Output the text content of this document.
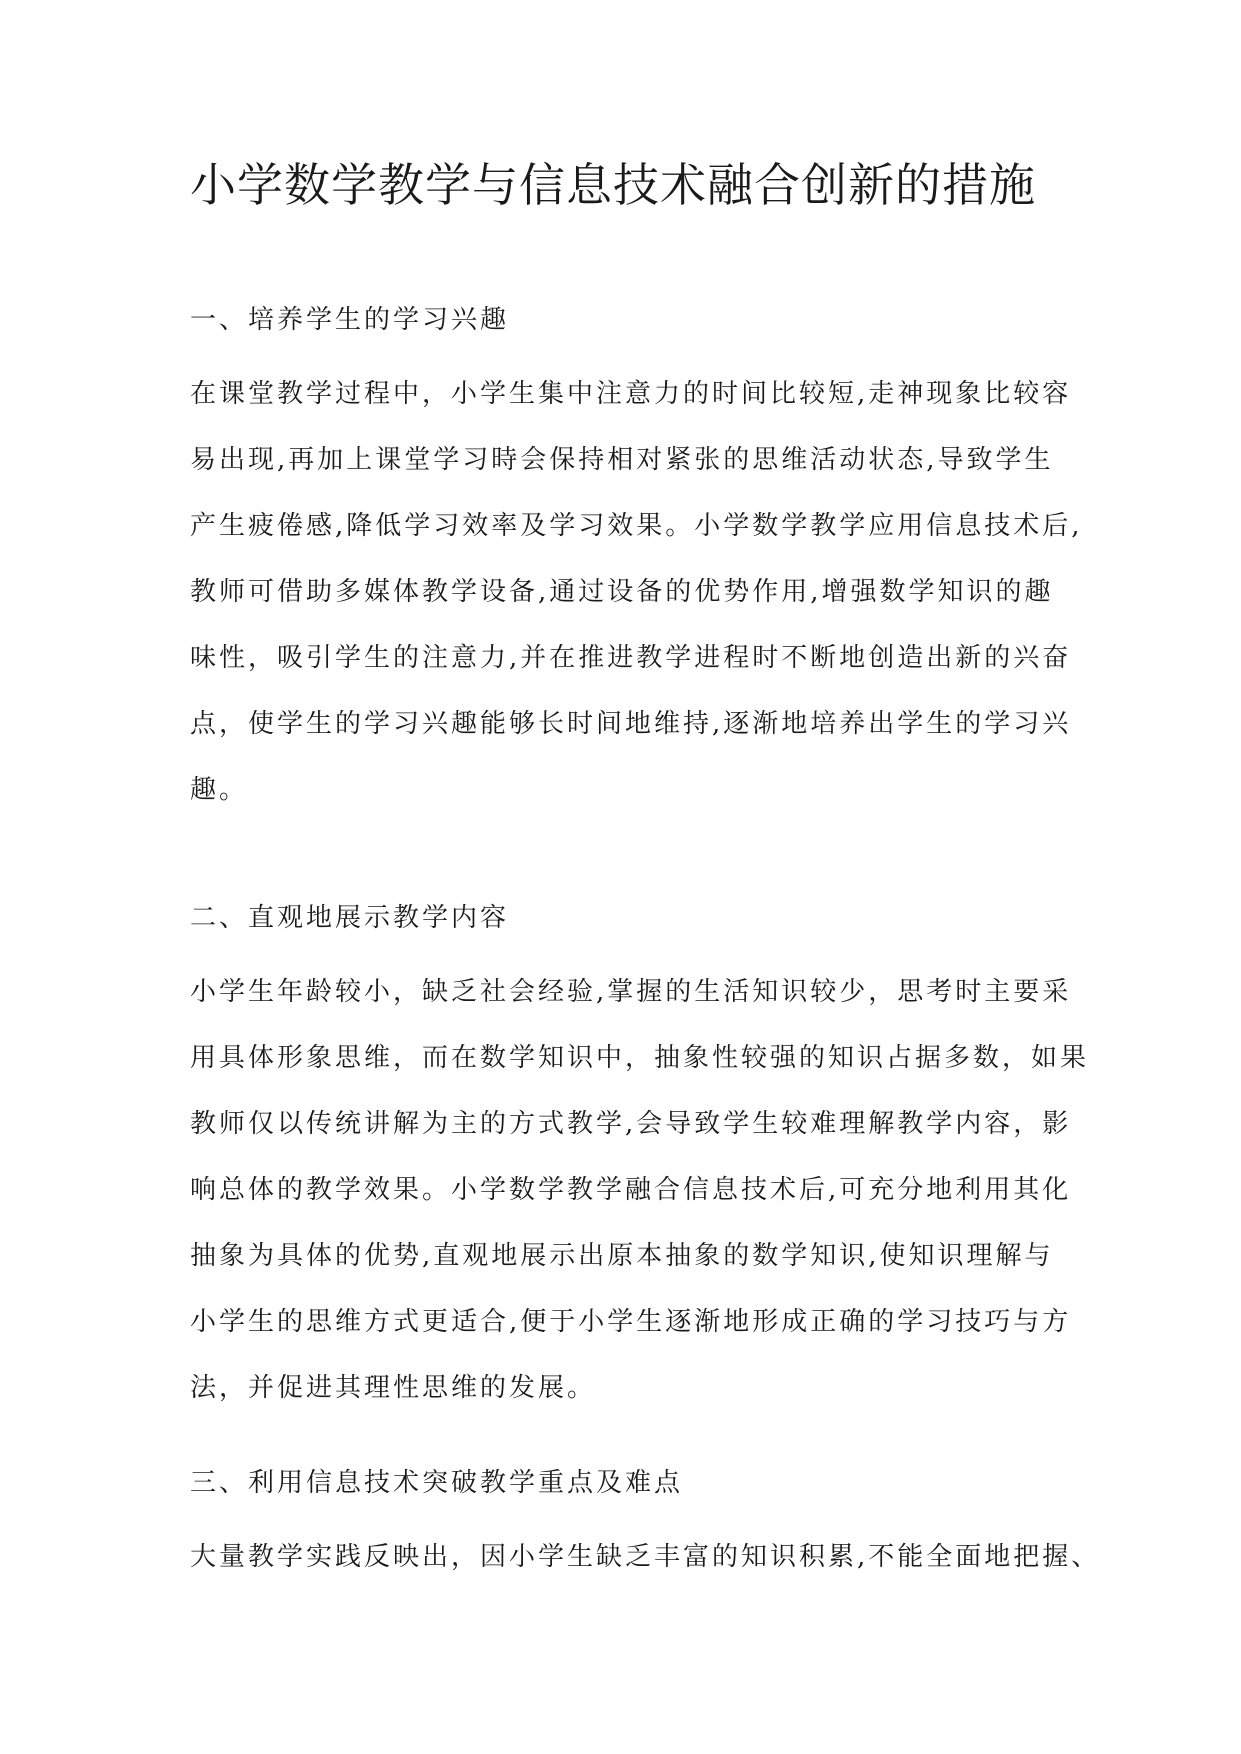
小学数学教学与信息技术融合创新的措施
一、培养学生的学习兴趣
在课堂教学过程中，小学生集中注意力的时间比较短,走神现象比较容
易出现,再加上课堂学习時会保持相对紧张的思维活动状态,导致学生
产生疲倦感,降低学习效率及学习效果。小学数学教学应用信息技术后,
教师可借助多媒体教学设备,通过设备的优势作用,增强数学知识的趣
味性，吸引学生的注意力,并在推进教学进程时不断地创造出新的兴奋
点，使学生的学习兴趣能够长时间地维持,逐渐地培养出学生的学习兴
趣。
二、直观地展示教学内容
小学生年龄较小，缺乏社会经验,掌握的生活知识较少，思考时主要采
用具体形象思维，而在数学知识中，抽象性较强的知识占据多数，如果
教师仅以传统讲解为主的方式教学,会导致学生较难理解教学内容，影
响总体的教学效果。小学数学教学融合信息技术后,可充分地利用其化
抽象为具体的优势,直观地展示出原本抽象的数学知识,使知识理解与
小学生的思维方式更适合,便于小学生逐渐地形成正确的学习技巧与方
法，并促进其理性思维的发展。
三、利用信息技术突破教学重点及难点
大量教学实践反映出，因小学生缺乏丰富的知识积累,不能全面地把握、
